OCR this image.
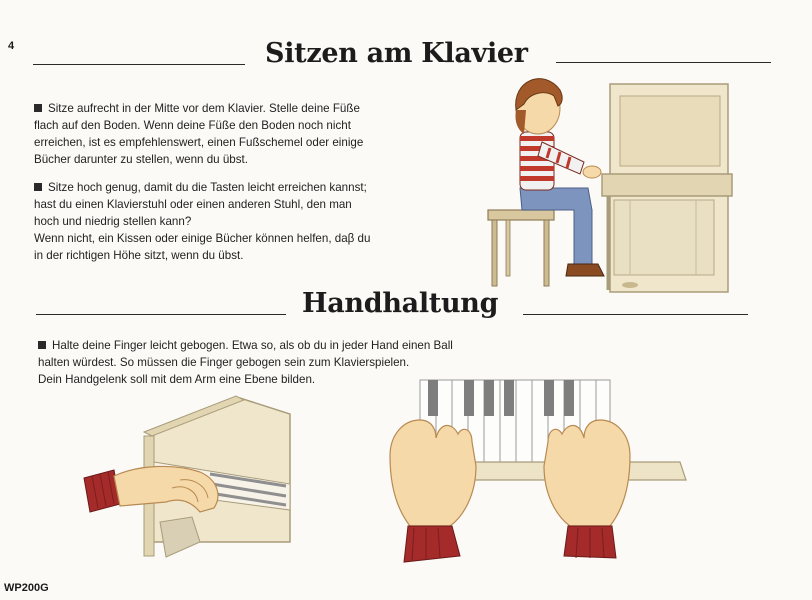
4
WP200G
Sitzen am Klavier
Sitze aufrecht in der Mitte vor dem Klavier. Stelle deine Füße
flach auf den Boden. Wenn deine Füße den Boden noch nicht
erreichen, ist es empfehlenswert, einen Fußschemel oder einige
Bücher darunter zu stellen, wenn du übst.
Sitze hoch genug, damit du die Tasten leicht erreichen kannst;
hast du einen Klavierstuhl oder einen anderen Stuhl, den man
hoch und niedrig stellen kann?
Wenn nicht, ein Kissen oder einige Bücher können helfen, daβ du
in der richtigen Höhe sitzt, wenn du übst.
Handhaltung
Halte deine Finger leicht gebogen. Etwa so, als ob du in jeder Hand einen Ball
halten würdest. So müssen die Finger gebogen sein zum Klavierspielen.
Dein Handgelenk soll mit dem Arm eine Ebene bilden.
